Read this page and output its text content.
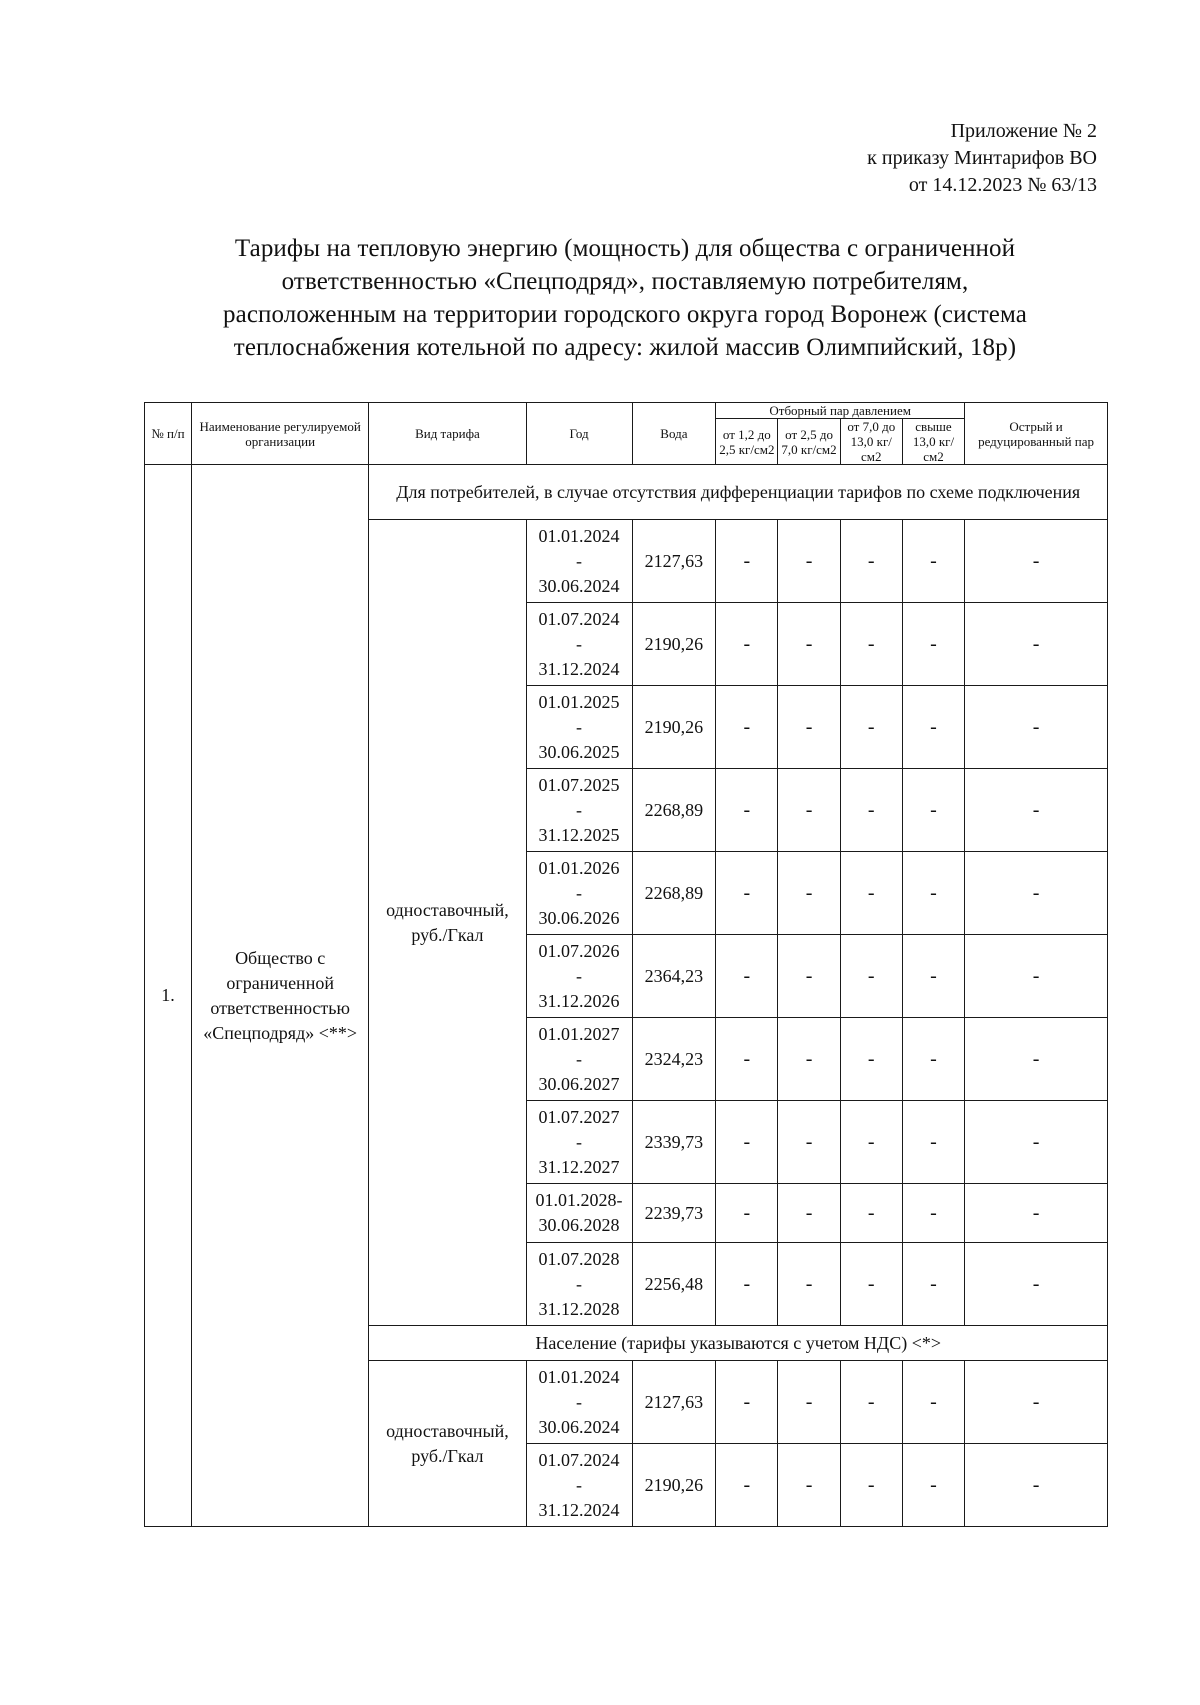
Приложение № 2
к приказу Минтарифов ВО
от 14.12.2023 № 63/13
Тарифы на тепловую энергию (мощность) для общества с ограниченной
ответственностью «Спецподряд», поставляемую потребителям,
расположенным на территории городского округа город Воронеж (система
теплоснабжения котельной по адресу: жилой массив Олимпийский, 18р)
№ п/п	Наименование регулируемой организации	Вид тарифа	Год	Вода	Отборный пар давлением				Острый и редуцированный пар
					от 1,2 до 2,5 кг/см2	от 2,5 до 7,0 кг/см2	от 7,0 до 13,0 кг/см2	свыше 13,0 кг/см2	
1.	Общество с ограниченной ответственностью «Спецподряд» <**>	Для потребителей, в случае отсутствия дифференциации тарифов по схеме подключения							
		одноставочный, руб./Гкал	01.01.2024
-
30.06.2024	2127,63	-	-	-	-	-

			01.07.2024
-
31.12.2024	2190,26	-	-	-	-	-

			01.01.2025
-
30.06.2025	2190,26	-	-	-	-	-

			01.07.2025
-
31.12.2025	2268,89	-	-	-	-	-

			01.01.2026
-
30.06.2026	2268,89	-	-	-	-	-

			01.07.2026
-
31.12.2026	2364,23	-	-	-	-	-

			01.01.2027
-
30.06.2027	2324,23	-	-	-	-	-

			01.07.2027
-
31.12.2027	2339,73	-	-	-	-	-

			01.01.2028-
30.06.2028	2239,73	-	-	-	-	-

			01.07.2028
-
31.12.2028	2256,48	-	-	-	-	-
		Население (тарифы указываются с учетом НДС) <*>							
		одноставочный, руб./Гкал	01.01.2024
-
30.06.2024	2127,63	-	-	-	-	-

			01.07.2024
-
31.12.2024	2190,26	-	-	-	-	-
